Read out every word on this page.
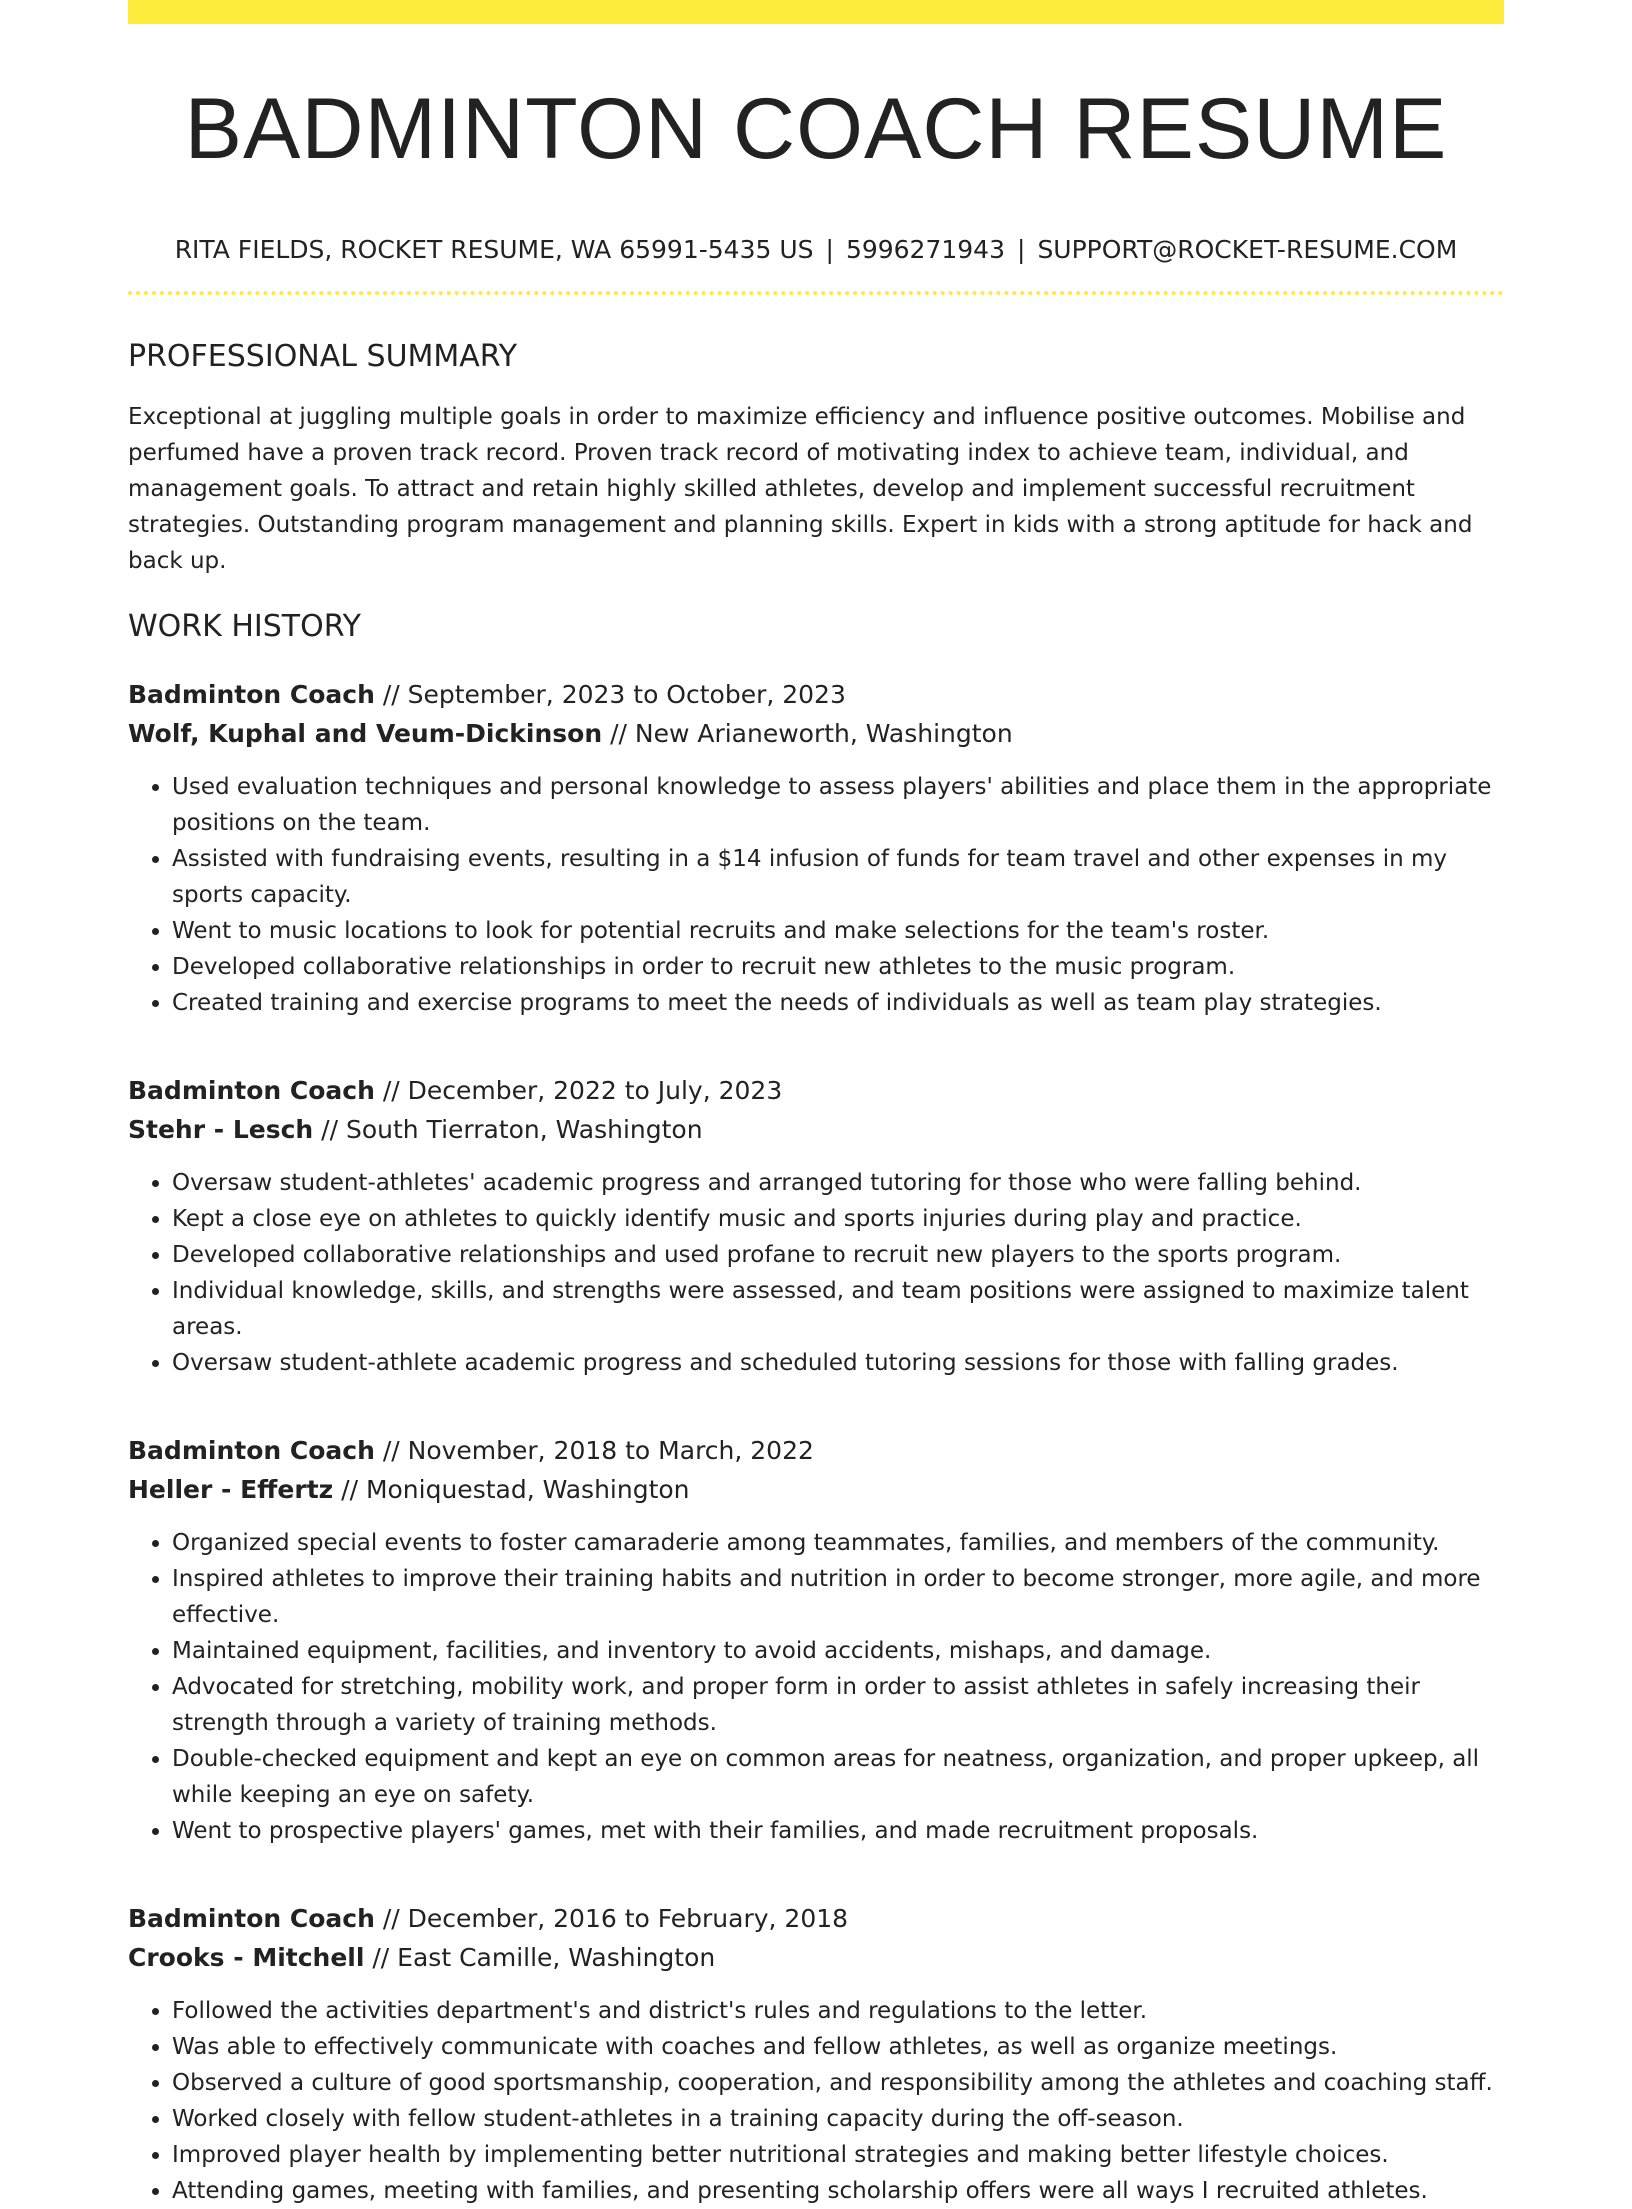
BADMINTON COACH RESUME
RITA FIELDS, ROCKET RESUME, WA 65991-5435 US | 5996271943 | SUPPORT@ROCKET-RESUME.COM
PROFESSIONAL SUMMARY

Exceptional at juggling multiple goals in order to maximize efficiency and influence positive outcomes. Mobilise and perfumed have a proven track record. Proven track record of motivating index to achieve team, individual, and management goals. To attract and retain highly skilled athletes, develop and implement successful recruitment strategies. Outstanding program management and planning skills. Expert in kids with a strong aptitude for hack and back up.

WORK HISTORY
Badminton Coach // September, 2023 to October, 2023
Wolf, Kuphal and Veum-Dickinson // New Arianeworth, Washington
• Used evaluation techniques and personal knowledge to assess players' abilities and place them in the appropriate positions on the team.
• Assisted with fundraising events, resulting in a $14 infusion of funds for team travel and other expenses in my sports capacity.
• Went to music locations to look for potential recruits and make selections for the team's roster.
• Developed collaborative relationships in order to recruit new athletes to the music program.
• Created training and exercise programs to meet the needs of individuals as well as team play strategies.
Badminton Coach // December, 2022 to July, 2023
Stehr - Lesch // South Tierraton, Washington
• Oversaw student-athletes' academic progress and arranged tutoring for those who were falling behind.
• Kept a close eye on athletes to quickly identify music and sports injuries during play and practice.
• Developed collaborative relationships and used profane to recruit new players to the sports program.
• Individual knowledge, skills, and strengths were assessed, and team positions were assigned to maximize talent areas.
• Oversaw student-athlete academic progress and scheduled tutoring sessions for those with falling grades.
Badminton Coach // November, 2018 to March, 2022
Heller - Effertz // Moniquestad, Washington
• Organized special events to foster camaraderie among teammates, families, and members of the community.
• Inspired athletes to improve their training habits and nutrition in order to become stronger, more agile, and more effective.
• Maintained equipment, facilities, and inventory to avoid accidents, mishaps, and damage.
• Advocated for stretching, mobility work, and proper form in order to assist athletes in safely increasing their strength through a variety of training methods.
• Double-checked equipment and kept an eye on common areas for neatness, organization, and proper upkeep, all while keeping an eye on safety.
• Went to prospective players' games, met with their families, and made recruitment proposals.
Badminton Coach // December, 2016 to February, 2018
Crooks - Mitchell // East Camille, Washington
• Followed the activities department's and district's rules and regulations to the letter.
• Was able to effectively communicate with coaches and fellow athletes, as well as organize meetings.
• Observed a culture of good sportsmanship, cooperation, and responsibility among the athletes and coaching staff.
• Worked closely with fellow student-athletes in a training capacity during the off-season.
• Improved player health by implementing better nutritional strategies and making better lifestyle choices.
• Attending games, meeting with families, and presenting scholarship offers were all ways I recruited athletes.
